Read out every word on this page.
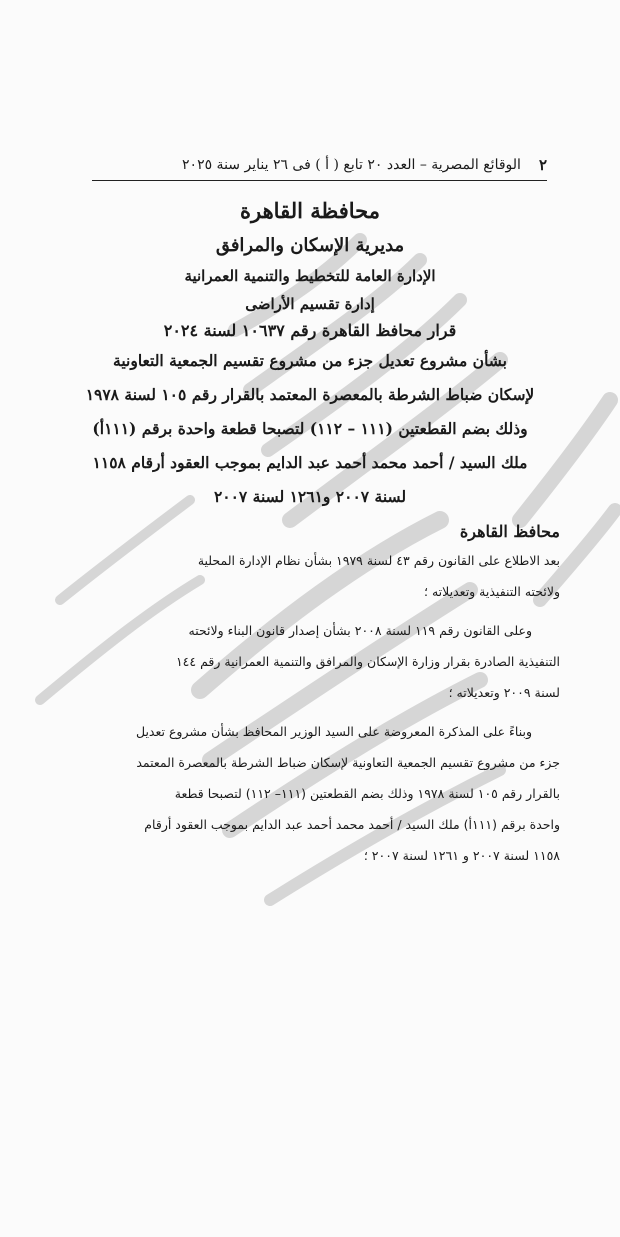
٢
الوقائع المصرية – العدد ٢٠ تابع ( أ ) فى ٢٦ يناير سنة ٢٠٢٥
محافظة القاهرة
مديرية الإسكان والمرافق
الإدارة العامة للتخطيط والتنمية العمرانية
إدارة تقسيم الأراضى
قرار محافظ القاهرة رقم ١٠٦٣٧ لسنة ٢٠٢٤
بشأن مشروع تعديل جزء من مشروع تقسيم الجمعية التعاونية
لإسكان ضباط الشرطة بالمعصرة المعتمد بالقرار رقم ١٠٥ لسنة ١٩٧٨
وذلك بضم القطعتين (١١١ – ١١٢) لتصبحا قطعة واحدة برقم (١١١أ)
ملك السيد / أحمد محمد أحمد عبد الدايم بموجب العقود أرقام ١١٥٨
لسنة ٢٠٠٧ و١٢٦١ لسنة ٢٠٠٧
محافظ القاهرة
بعد الاطلاع على القانون رقم ٤٣ لسنة ١٩٧٩ بشأن نظام الإدارة المحلية
ولائحته التنفيذية وتعديلاته ؛
وعلى القانون رقم ١١٩ لسنة ٢٠٠٨ بشأن إصدار قانون البناء ولائحته
التنفيذية الصادرة بقرار وزارة الإسكان والمرافق والتنمية العمرانية رقم ١٤٤
لسنة ٢٠٠٩ وتعديلاته ؛
وبناءً على المذكرة المعروضة على السيد الوزير المحافظ بشأن مشروع تعديل
جزء من مشروع تقسيم الجمعية التعاونية لإسكان ضباط الشرطة بالمعصرة المعتمد
بالقرار رقم ١٠٥ لسنة ١٩٧٨ وذلك بضم القطعتين (١١١– ١١٢) لتصبحا قطعة
واحدة برقم (١١١أ) ملك السيد / أحمد محمد أحمد عبد الدايم بموجب العقود أرقام
١١٥٨ لسنة ٢٠٠٧ و ١٢٦١ لسنة ٢٠٠٧ ؛
